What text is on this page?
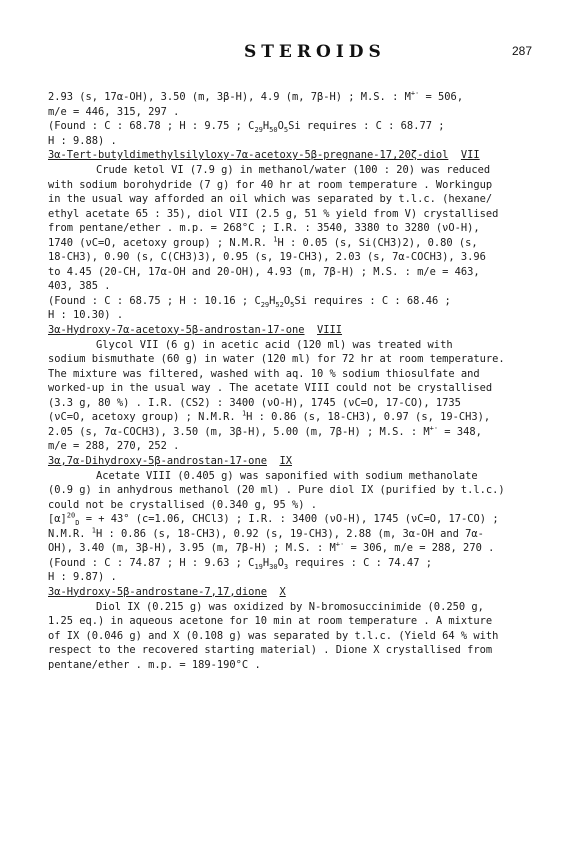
STEROIDS	287
2.93 (s, 17α-OH), 3.50 (m, 3β-H), 4.9 (m, 7β-H) ; M.S. : M+· = 506,
m/e = 446, 315, 297 .
(Found : C : 68.78 ; H : 9.75 ; $C_{29}H_{50}O_5Si$ requires : C : 68.77 ;
H : 9.88) .
3α-Tert-butyldimethylsilyloxy-7α-acetoxy-5β-pregnane-17,20ζ-diol VII
Crude ketol VI (7.9 g) in methanol/water (100 : 20) was reduced
with sodium borohydride (7 g) for 40 hr at room temperature . Workingup
in the usual way afforded an oil which was separated by t.l.c. (hexane/
ethyl acetate 65 : 35), diol VII (2.5 g, 51 % yield from V) crystallised
from pentane/ether . m.p. = 268°C ; I.R. : 3540, 3380 to 3280 (νO-H),
1740 (νC=O, acetoxy group) ; N.M.R. $^1$H : 0.05 (s, Si(CH3)2), 0.80 (s,
18-CH3), 0.90 (s, C(CH3)3), 0.95 (s, 19-CH3), 2.03 (s, 7α-COCH3), 3.96
to 4.45 (20-CH, 17α-OH and 20-OH), 4.93 (m, 7β-H) ; M.S. : m/e = 463,
403, 385 .
(Found : C : 68.75 ; H : 10.16 ; $C_{29}H_{52}O_5Si$ requires : C : 68.46 ;
H : 10.30) .
3α-Hydroxy-7α-acetoxy-5β-androstan-17-one VIII
Glycol VII (6 g) in acetic acid (120 ml) was treated with
sodium bismuthate (60 g) in water (120 ml) for 72 hr at room temperature.
The mixture was filtered, washed with aq. 10 % sodium thiosulfate and
worked-up in the usual way . The acetate VIII could not be crystallised
(3.3 g, 80 %) . I.R. (CS2) : 3400 (νO-H), 1745 (νC=O, 17-CO), 1735
(νC=O, acetoxy group) ; N.M.R. $^1$H : 0.86 (s, 18-CH3), 0.97 (s, 19-CH3),
2.05 (s, 7α-COCH3), 3.50 (m, 3β-H), 5.00 (m, 7β-H) ; M.S. : M+· = 348,
m/e = 288, 270, 252 .
3α,7α-Dihydroxy-5β-androstan-17-one IX
Acetate VIII (0.405 g) was saponified with sodium methanolate
(0.9 g) in anhydrous methanol (20 ml) . Pure diol IX (purified by t.l.c.)
could not be crystallised (0.340 g, 95 %) .
$[\alpha]^{20}_D$ = + 43° (c=1.06, CHCl3) ; I.R. : 3400 (νO-H), 1745 (νC=O, 17-CO) ;
N.M.R. $^1$H : 0.86 (s, 18-CH3), 0.92 (s, 19-CH3), 2.88 (m, 3α-OH and 7α-
OH), 3.40 (m, 3β-H), 3.95 (m, 7β-H) ; M.S. : M+· = 306, m/e = 288, 270 .
(Found : C : 74.87 ; H : 9.63 ; $C_{19}H_{30}O_3$ requires : C : 74.47 ;
H : 9.87) .
3α-Hydroxy-5β-androstane-7,17,dione X
Diol IX (0.215 g) was oxidized by N-bromosuccinimide (0.250 g,
1.25 eq.) in aqueous acetone for 10 min at room temperature . A mixture
of IX (0.046 g) and X (0.108 g) was separated by t.l.c. (Yield 64 % with
respect to the recovered starting material) . Dione X crystallised from
pentane/ether . m.p. = 189-190°C .
